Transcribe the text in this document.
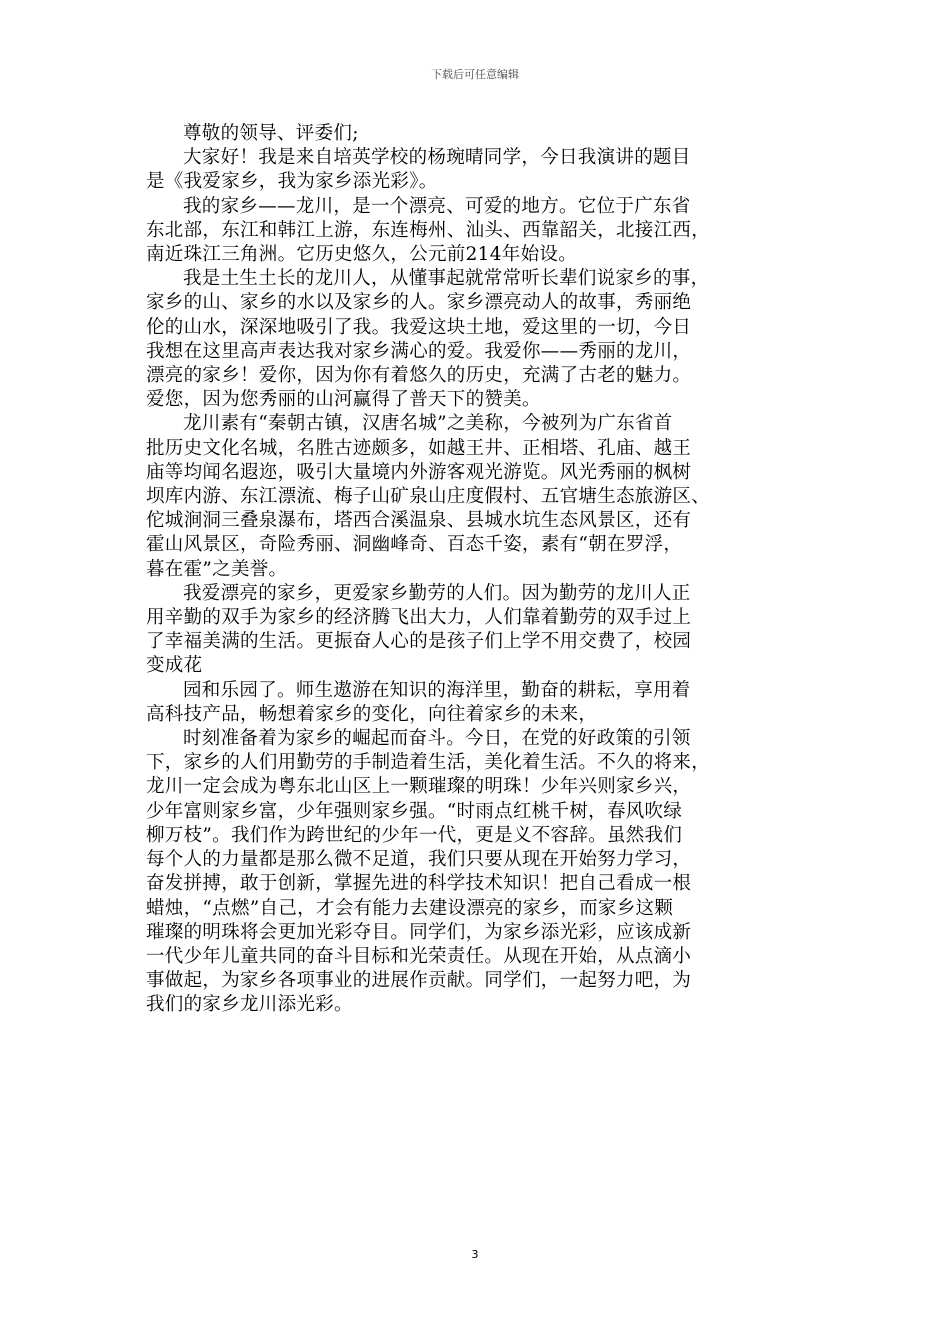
下载后可任意编辑
尊敬的领导、评委们;
大家好！我是来自培英学校的杨琬晴同学，今日我演讲的题目
是《我爱家乡，我为家乡添光彩》。
我的家乡——龙川，是一个漂亮、可爱的地方。它位于广东省
东北部，东江和韩江上游，东连梅州、汕头、西靠韶关，北接江西，
南近珠江三角洲。它历史悠久，公元前214年始设。
我是土生土长的龙川人，从懂事起就常常听长辈们说家乡的事，
家乡的山、家乡的水以及家乡的人。家乡漂亮动人的故事，秀丽绝
伦的山水，深深地吸引了我。我爱这块土地，爱这里的一切，今日
我想在这里高声表达我对家乡满心的爱。我爱你——秀丽的龙川，
漂亮的家乡！爱你，因为你有着悠久的历史，充满了古老的魅力。
爱您，因为您秀丽的山河赢得了普天下的赞美。
龙川素有“秦朝古镇，汉唐名城”之美称，今被列为广东省首
批历史文化名城，名胜古迹颇多，如越王井、正相塔、孔庙、越王
庙等均闻名遐迩，吸引大量境内外游客观光游览。风光秀丽的枫树
坝库内游、东江漂流、梅子山矿泉山庄度假村、五官塘生态旅游区、
佗城涧洞三叠泉瀑布，塔西合溪温泉、县城水坑生态风景区，还有
霍山风景区，奇险秀丽、洞幽峰奇、百态千姿，素有“朝在罗浮，
暮在霍”之美誉。
我爱漂亮的家乡，更爱家乡勤劳的人们。因为勤劳的龙川人正
用辛勤的双手为家乡的经济腾飞出大力，人们靠着勤劳的双手过上
了幸福美满的生活。更振奋人心的是孩子们上学不用交费了，校园
变成花
园和乐园了。师生遨游在知识的海洋里，勤奋的耕耘，享用着
高科技产品，畅想着家乡的变化，向往着家乡的未来，
时刻准备着为家乡的崛起而奋斗。今日，在党的好政策的引领
下，家乡的人们用勤劳的手制造着生活，美化着生活。不久的将来，
龙川一定会成为粤东北山区上一颗璀璨的明珠！少年兴则家乡兴，
少年富则家乡富，少年强则家乡强。“时雨点红桃千树，春风吹绿
柳万枝”。我们作为跨世纪的少年一代，更是义不容辞。虽然我们
每个人的力量都是那么微不足道，我们只要从现在开始努力学习，
奋发拼搏，敢于创新，掌握先进的科学技术知识！把自己看成一根
蜡烛，“点燃”自己，才会有能力去建设漂亮的家乡，而家乡这颗
璀璨的明珠将会更加光彩夺目。同学们，为家乡添光彩，应该成新
一代少年儿童共同的奋斗目标和光荣责任。从现在开始，从点滴小
事做起，为家乡各项事业的进展作贡献。同学们，一起努力吧，为
我们的家乡龙川添光彩。
3
